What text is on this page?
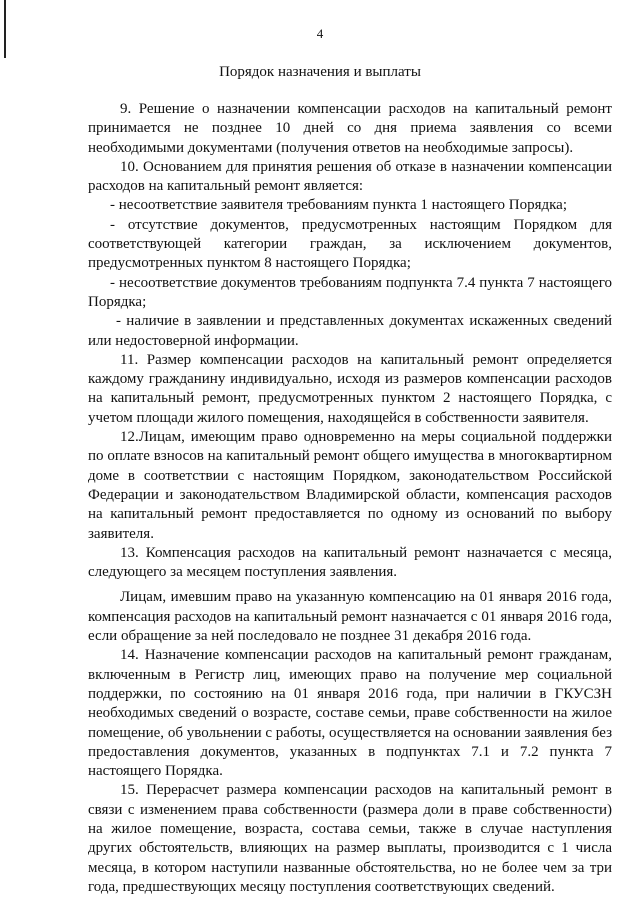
4
Порядок назначения и выплаты

9. Решение о назначении компенсации расходов на капитальный ремонт принимается не позднее 10 дней со дня приема заявления со всеми необходимыми документами (получения ответов на необходимые запросы).

10. Основанием для принятия решения об отказе в назначении компенсации расходов на капитальный ремонт является:

- несоответствие заявителя требованиям пункта 1 настоящего Порядка;

- отсутствие документов, предусмотренных настоящим Порядком для соответствующей категории граждан, за исключением документов, предусмотренных пунктом 8 настоящего Порядка;

- несоответствие документов требованиям подпункта 7.4 пункта 7 настоящего Порядка;

- наличие в заявлении и представленных документах искаженных сведений или недостоверной информации.

11. Размер компенсации расходов на капитальный ремонт определяется каждому гражданину индивидуально, исходя из размеров компенсации расходов на капитальный ремонт, предусмотренных пунктом 2 настоящего Порядка, с учетом площади жилого помещения, находящейся в собственности заявителя.

12.Лицам, имеющим право одновременно на меры социальной поддержки по оплате взносов на капитальный ремонт общего имущества в многоквартирном доме в соответствии с настоящим Порядком, законодательством Российской Федерации и законодательством Владимирской области, компенсация расходов на капитальный ремонт предоставляется по одному из оснований по выбору заявителя.

13. Компенсация расходов на капитальный ремонт назначается с месяца, следующего за месяцем поступления заявления.

Лицам, имевшим право на указанную компенсацию на 01 января 2016 года, компенсация расходов на капитальный ремонт назначается с 01 января 2016 года, если обращение за ней последовало не позднее 31 декабря 2016 года.

14. Назначение компенсации расходов на капитальный ремонт гражданам, включенным в Регистр лиц, имеющих право на получение мер социальной поддержки, по состоянию на 01 января 2016 года, при наличии в ГКУСЗН необходимых сведений о возрасте, составе семьи, праве собственности на жилое помещение, об увольнении с работы, осуществляется на основании заявления без предоставления документов, указанных в подпунктах 7.1 и 7.2 пункта 7 настоящего Порядка.

15. Перерасчет размера компенсации расходов на капитальный ремонт в связи с изменением права собственности (размера доли в праве собственности) на жилое помещение, возраста, состава семьи, также в случае наступления других обстоятельств, влияющих на размер выплаты, производится с 1 числа месяца, в котором наступили названные обстоятельства, но не более чем за три года, предшествующих месяцу поступления соответствующих сведений.
